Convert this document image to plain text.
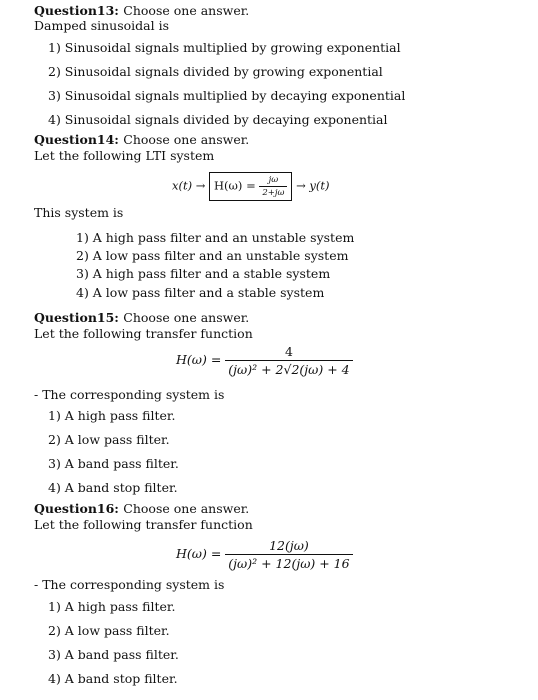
Question13: Choose one answer.
Damped sinusoidal is
1) Sinusoidal signals multiplied by growing exponential
2) Sinusoidal signals divided by growing exponential
3) Sinusoidal signals multiplied by decaying exponential
4) Sinusoidal signals divided by decaying exponential
Question14: Choose one answer.
Let the following LTI system
$x(t) \to H(\omega) = \frac{j\omega}{2+j\omega} \to y(t)$
This system is
1) A high pass filter and an unstable system
2) A low pass filter and an unstable system
3) A high pass filter and a stable system
4) A low pass filter and a stable system
Question15: Choose one answer.
Let the following transfer function
$H(\omega) = \frac{4}{\text{(jω)² + 2√2(jω) + 4}}$
- The corresponding system is
1) A high pass filter.
2) A low pass filter.
3) A band pass filter.
4) A band stop filter.
Question16: Choose one answer.
Let the following transfer function
$H(\omega) = \frac{12(j\omega)}{\text{(jω)² + 12(jω) + 16}}$
- The corresponding system is
1) A high pass filter.
2) A low pass filter.
3) A band pass filter.
4) A band stop filter.
